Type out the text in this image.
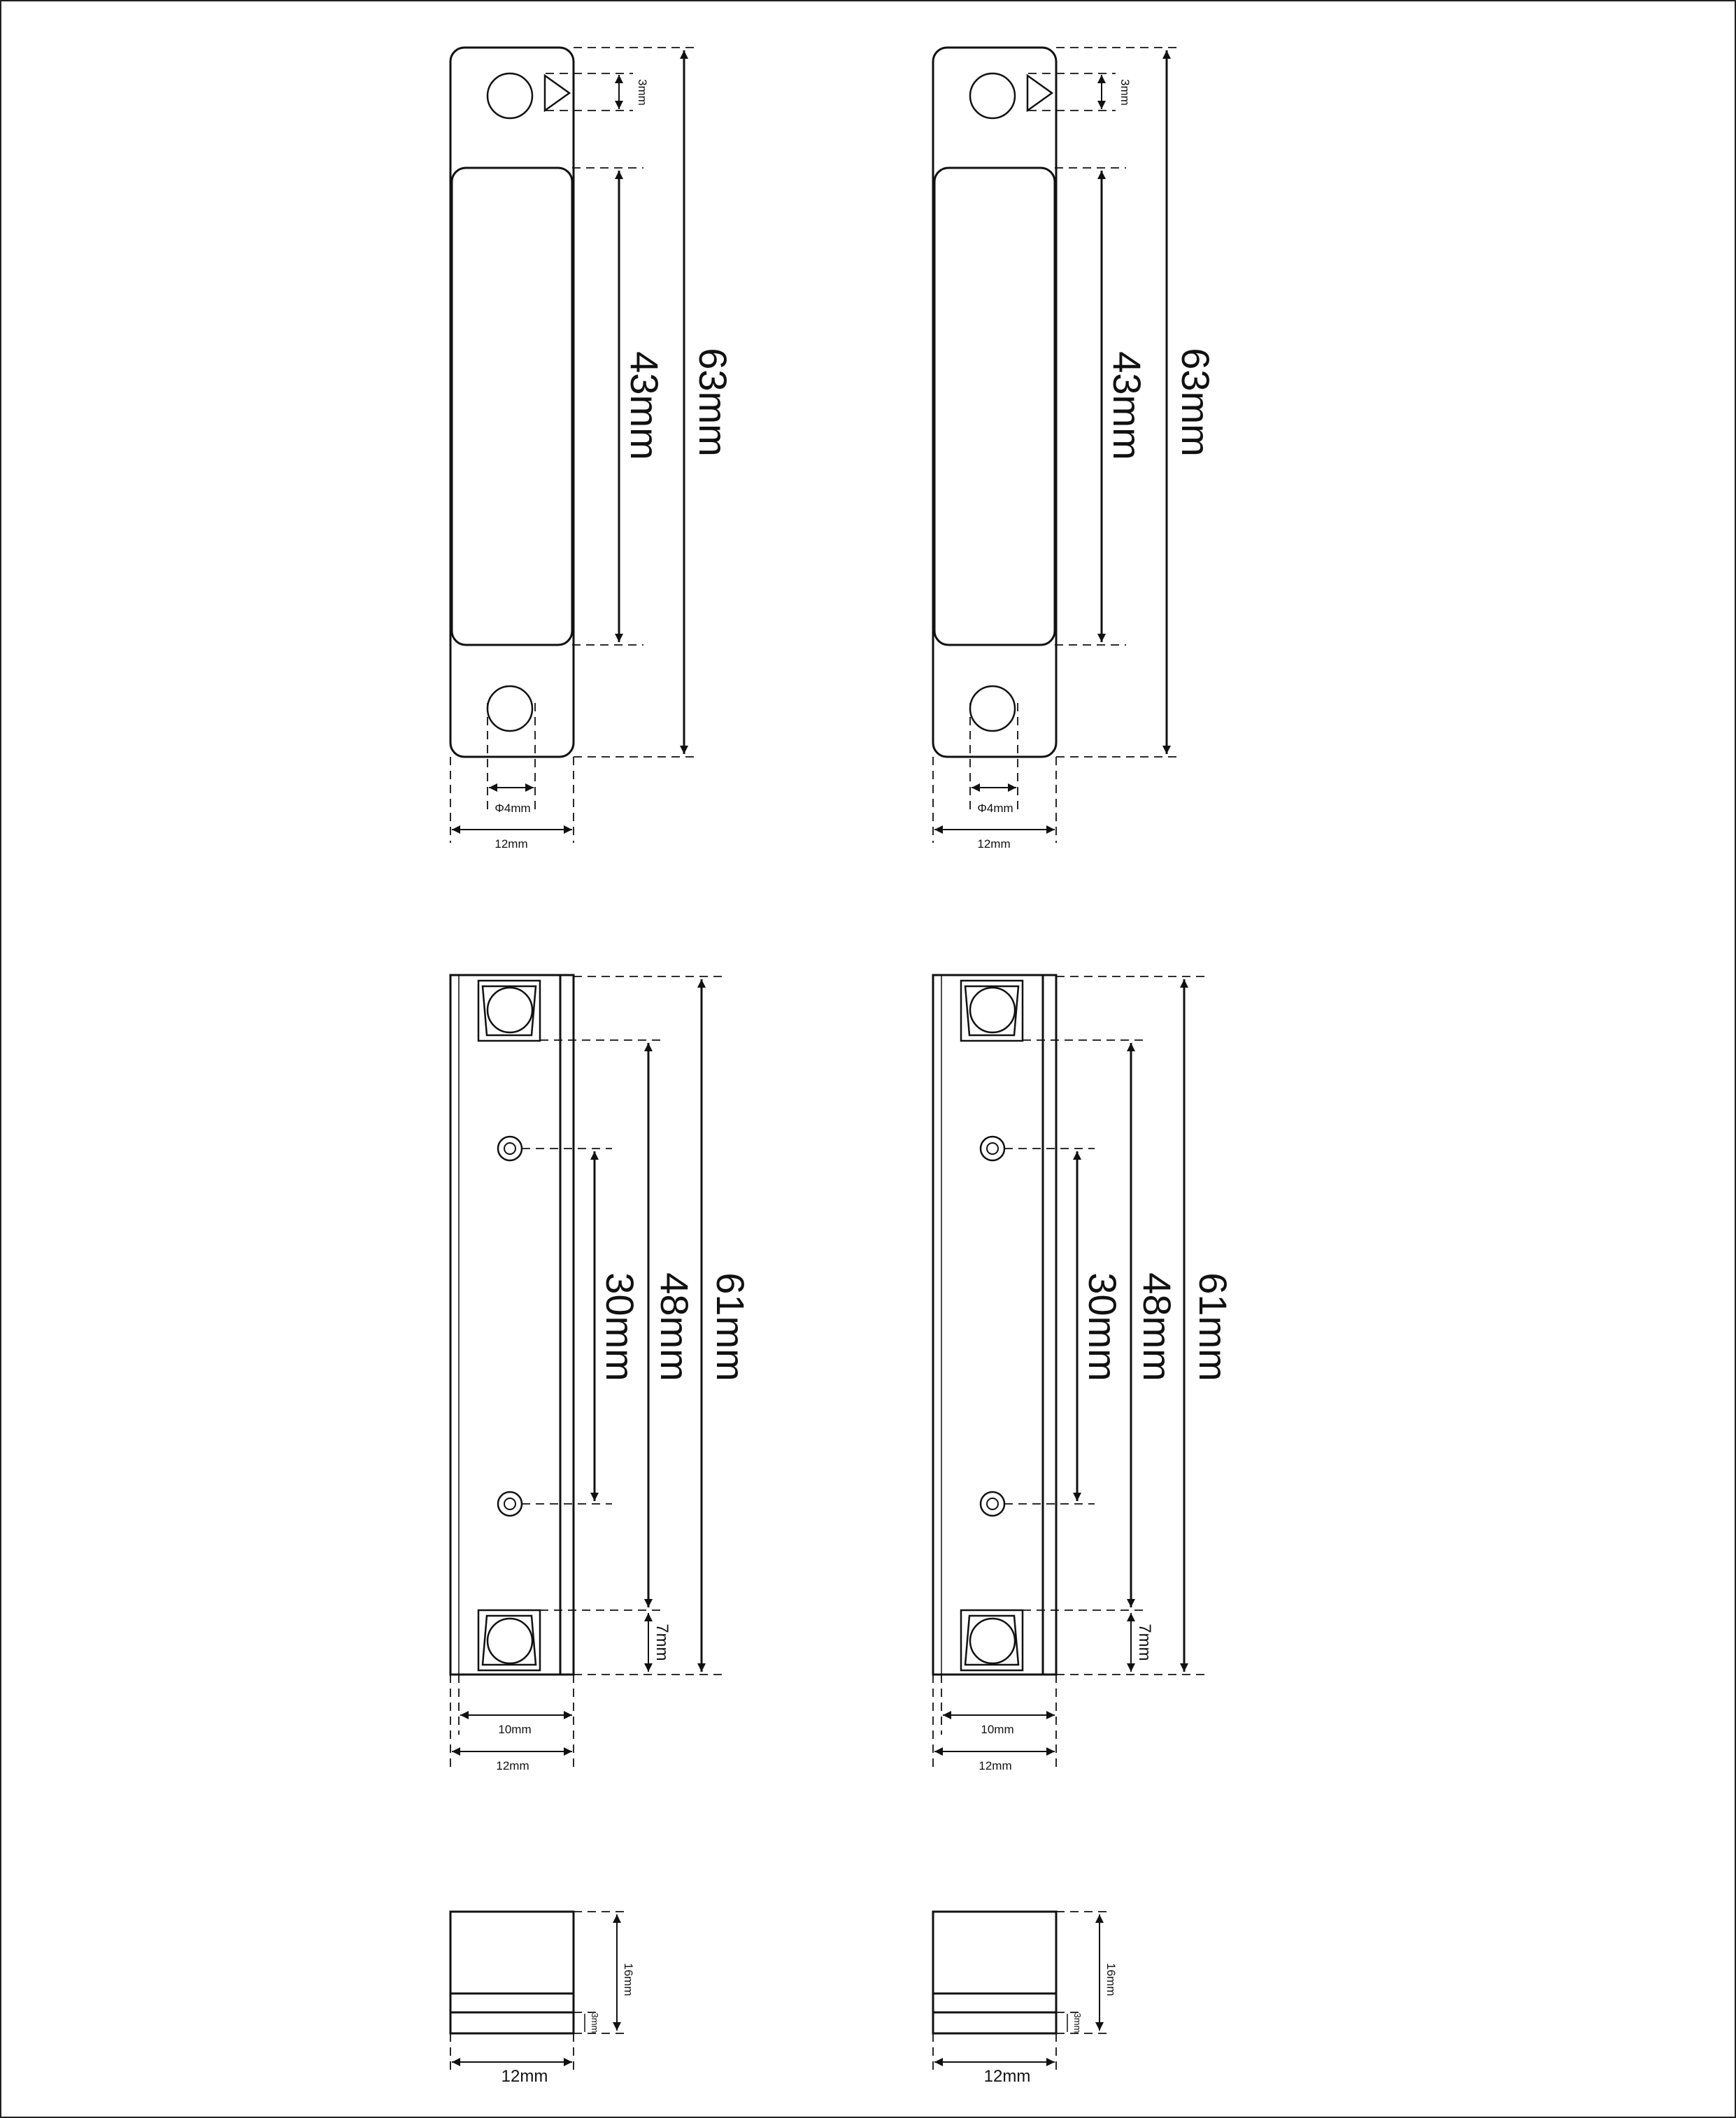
63mm
43mm
3mm
Φ4mm
12mm
61mm
48mm
30mm
7mm
10mm
12mm
16mm
3mm
12mm
63mm
43mm
3mm
Φ4mm
12mm
61mm
48mm
30mm
7mm
10mm
12mm
16mm
3mm
12mm
